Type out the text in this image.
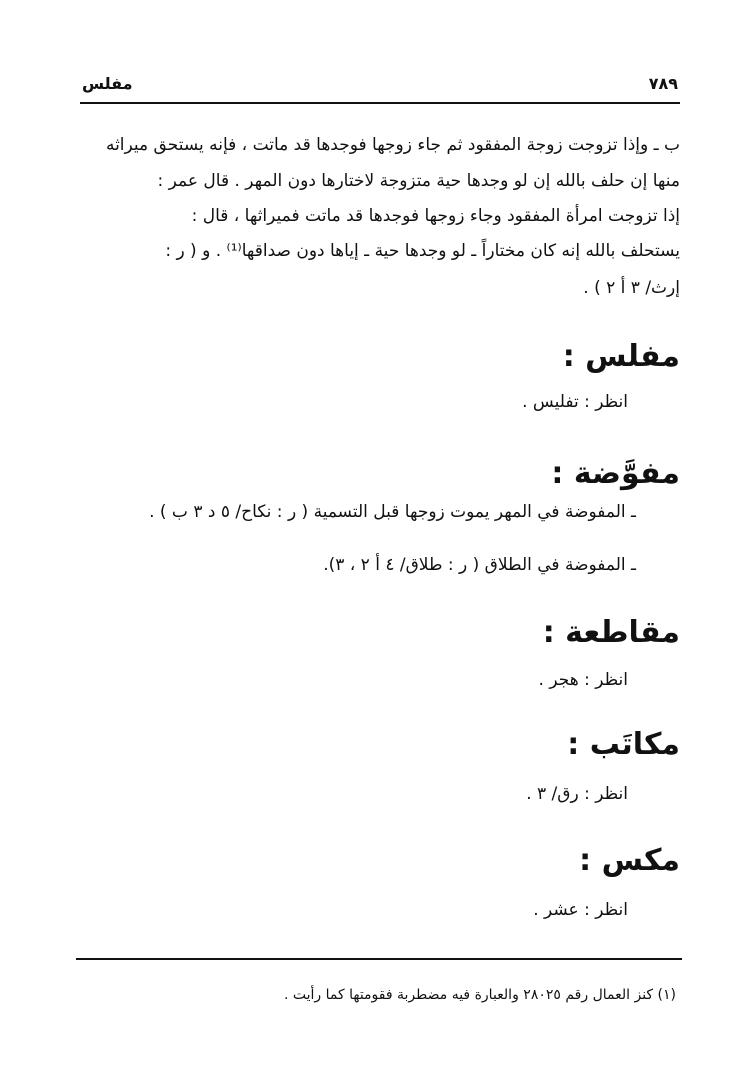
مفلس	٧٨٩
ب ـ وإذا تزوجت زوجة المفقود ثم جاء زوجها فوجدها قد ماتت ، فإنه يستحق ميراثه
منها إن حلف بالله إن لو وجدها حية متزوجة لاختارها دون المهر . قال عمر :
إذا تزوجت امرأة المفقود وجاء زوجها فوجدها قد ماتت فميراثها ، قال :
يستحلف بالله إنه كان مختاراً ـ لو وجدها حية ـ إياها دون صداقها⁽¹⁾ . و ( ر :
إرث/ ٣ أ ٢ ) .
مفلس :
انظر : تفليس .
مفوَّضة :
ـ المفوضة في المهر يموت زوجها قبل التسمية ( ر : نكاح/ ٥ د ٣ ب ) .
ـ المفوضة في الطلاق ( ر : طلاق/ ٤ أ ٢ ، ٣).
مقاطعة :
انظر : هجر .
مكاتَب :
انظر : رق/ ٣ .
مكس :
انظر : عشر .
(١) كنز العمال رقم ٢٨٠٢٥ والعبارة فيه مضطربة فقومتها كما رأيت .
